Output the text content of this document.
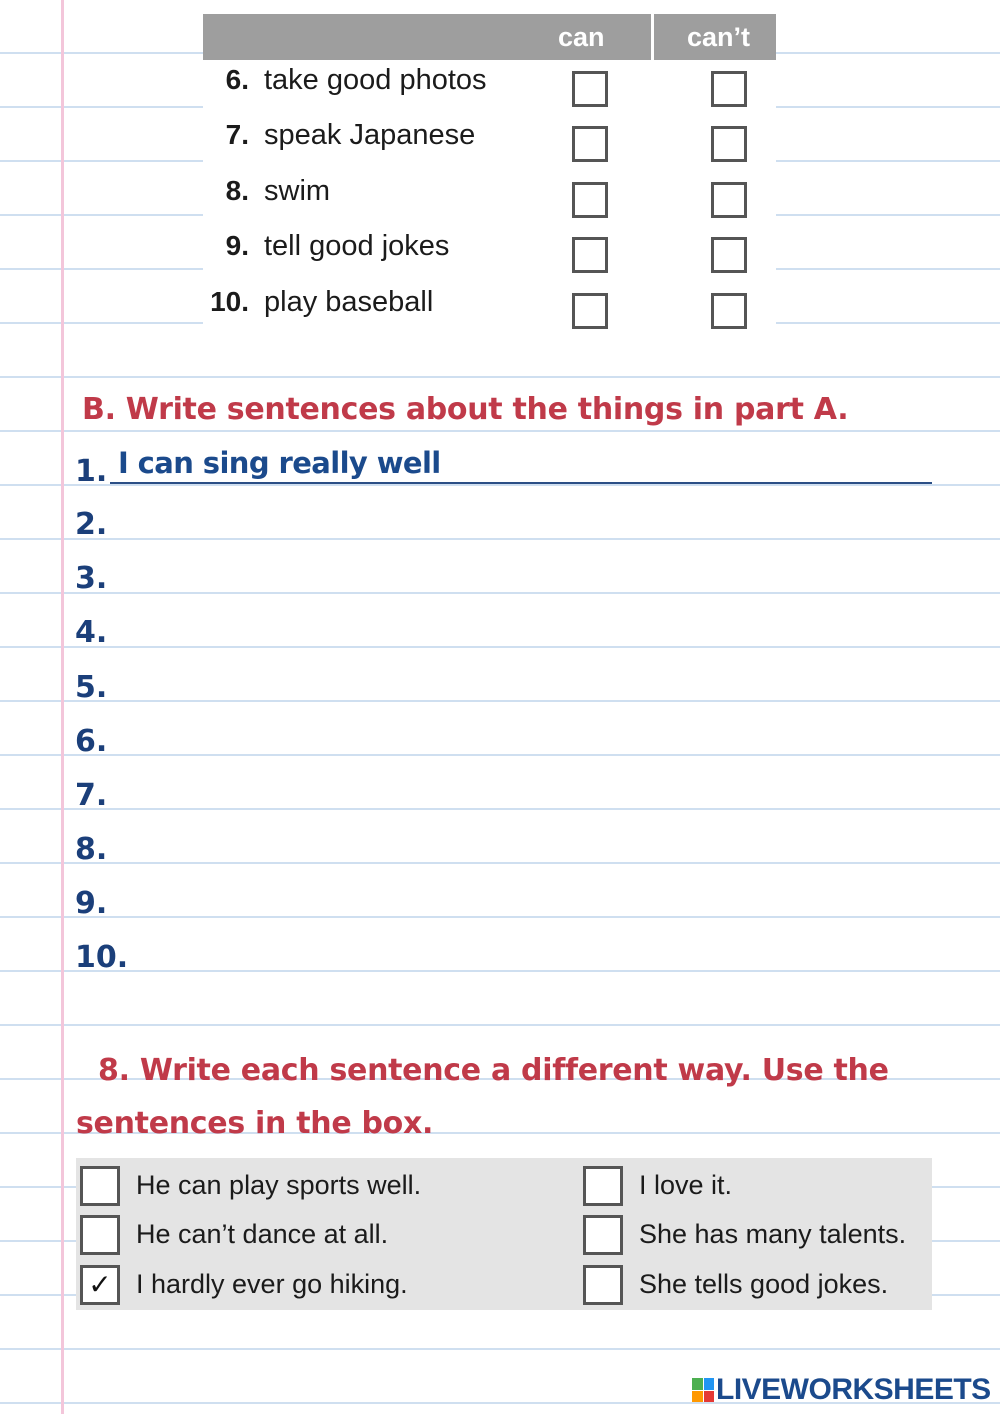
can	can’t
6. take good photos
7. speak Japanese
8. swim
9. tell good jokes
10. play baseball
B. Write sentences about the things in part A.
1. I can sing really well
2.
3.
4.
5.
6.
7.
8.
9.
10.
8. Write each sentence a different way. Use the
sentences in the box.
He can play sports well.
He can’t dance at all.
✓ I hardly ever go hiking.
I love it.
She has many talents.
She tells good jokes.
LIVEWORKSHEETS
